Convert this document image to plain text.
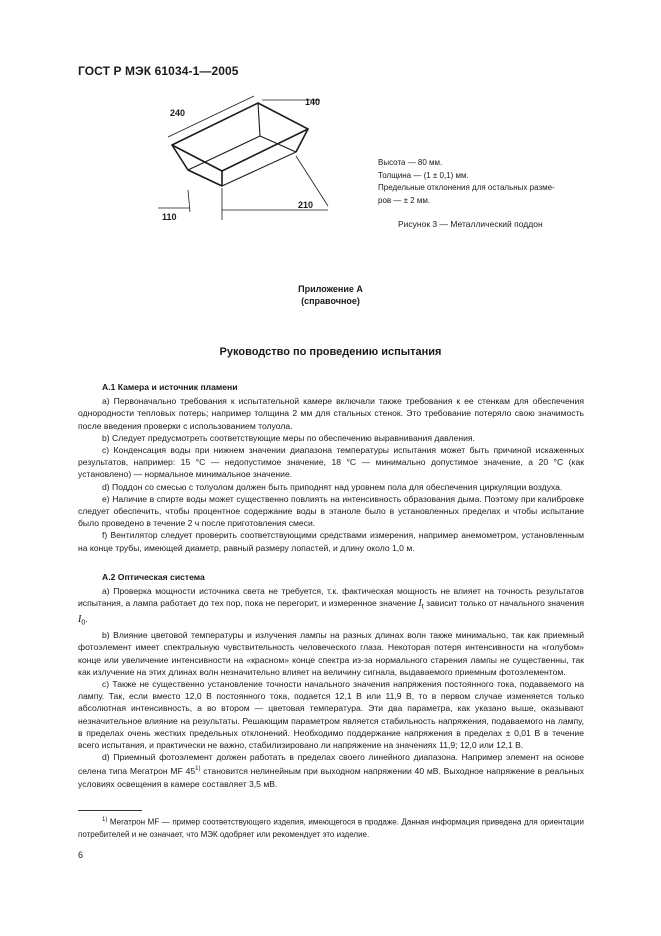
ГОСТ Р МЭК 61034-1—2005
240
140
110
210
Высота — 80 мм.
Толщина — (1 ± 0,1) мм.
Предельные отклонения для остальных разме-
ров — ± 2 мм.
Рисунок 3 — Металлический поддон
Приложение А
(справочное)
Руководство по проведению испытания
А.1 Камера и источник пламени

a) Первоначально требования к испытательной камере включали также требования к ее стенкам для обеспечения однородности тепловых потерь; например толщина 2 мм для стальных стенок. Это требование потеряло свою значимость после введения проверки с использованием толуола.

b) Следует предусмотреть соответствующие меры по обеспечению выравнивания давления.

c) Конденсация воды при нижнем значении диапазона температуры испытания может быть причиной искаженных результатов, например: 15 °С — недопустимое значение, 18 °С — минимально допустимое значение, а 20 °С (как установлено) — нормальное минимальное значение.

d) Поддон со смесью с толуолом должен быть приподнят над уровнем пола для обеспечения циркуляции воздуха.

e) Наличие в спирте воды может существенно повлиять на интенсивность образования дыма. Поэтому при калибровке следует обеспечить, чтобы процентное содержание воды в этаноле было в установленных пределах и чтобы испытание было проведено в течение 2 ч после приготовления смеси.

f) Вентилятор следует проверить соответствующими средствами измерения, например анемометром, установленным на конце трубы, имеющей диаметр, равный размеру лопастей, и длину около 1,0 м.

А.2 Оптическая система

a) Проверка мощности источника света не требуется, т.к. фактическая мощность не влияет на точность результатов испытания, а лампа работает до тех пор, пока не перегорит, и измеренное значение $I_t$ зависит только от начального значения $I_0$.

b) Влияние цветовой температуры и излучения лампы на разных длинах волн также минимально, так как приемный фотоэлемент имеет спектральную чувствительность человеческого глаза. Некоторая потеря интенсивности на «голубом» конце или увеличение интенсивности на «красном» конце спектра из-за нормального старения лампы не существенны, так как излучение на этих длинах волн незначительно влияет на величину сигнала, выдаваемого приемным фотоэлементом.

c) Также не существенно установление точности начального значения напряжения постоянного тока, подаваемого на лампу. Так, если вместо 12,0 В постоянного тока, подается 12,1 В или 11,9 В, то в первом случае изменяется только абсолютная интенсивность, а во втором — цветовая температура. Эти два параметра, как указано выше, оказывают незначительное влияние на результаты. Решающим параметром является стабильность напряжения, подаваемого на лампу, в пределах очень жестких предельных отклонений. Необходимо поддержание напряжения в пределах ± 0,01 В в течение всего испытания, и практически не важно, стабилизировано ли напряжение на значениях 11,9; 12,0 или 12,1 В.

d) Приемный фотоэлемент должен работать в пределах своего линейного диапазона. Например элемент на основе селена типа Мегатрон MF 45$^{1)}$ становится нелинейным при выходном напряжении 40 мВ. Выходное напряжение в реальных условиях освещения в камере составляет 3,5 мВ.

$^{1)}$ Мегатрон MF — пример соответствующего изделия, имеющегося в продаже. Данная информация приведена для ориентации потребителей и не означает, что МЭК одобряет или рекомендует это изделие.

6
